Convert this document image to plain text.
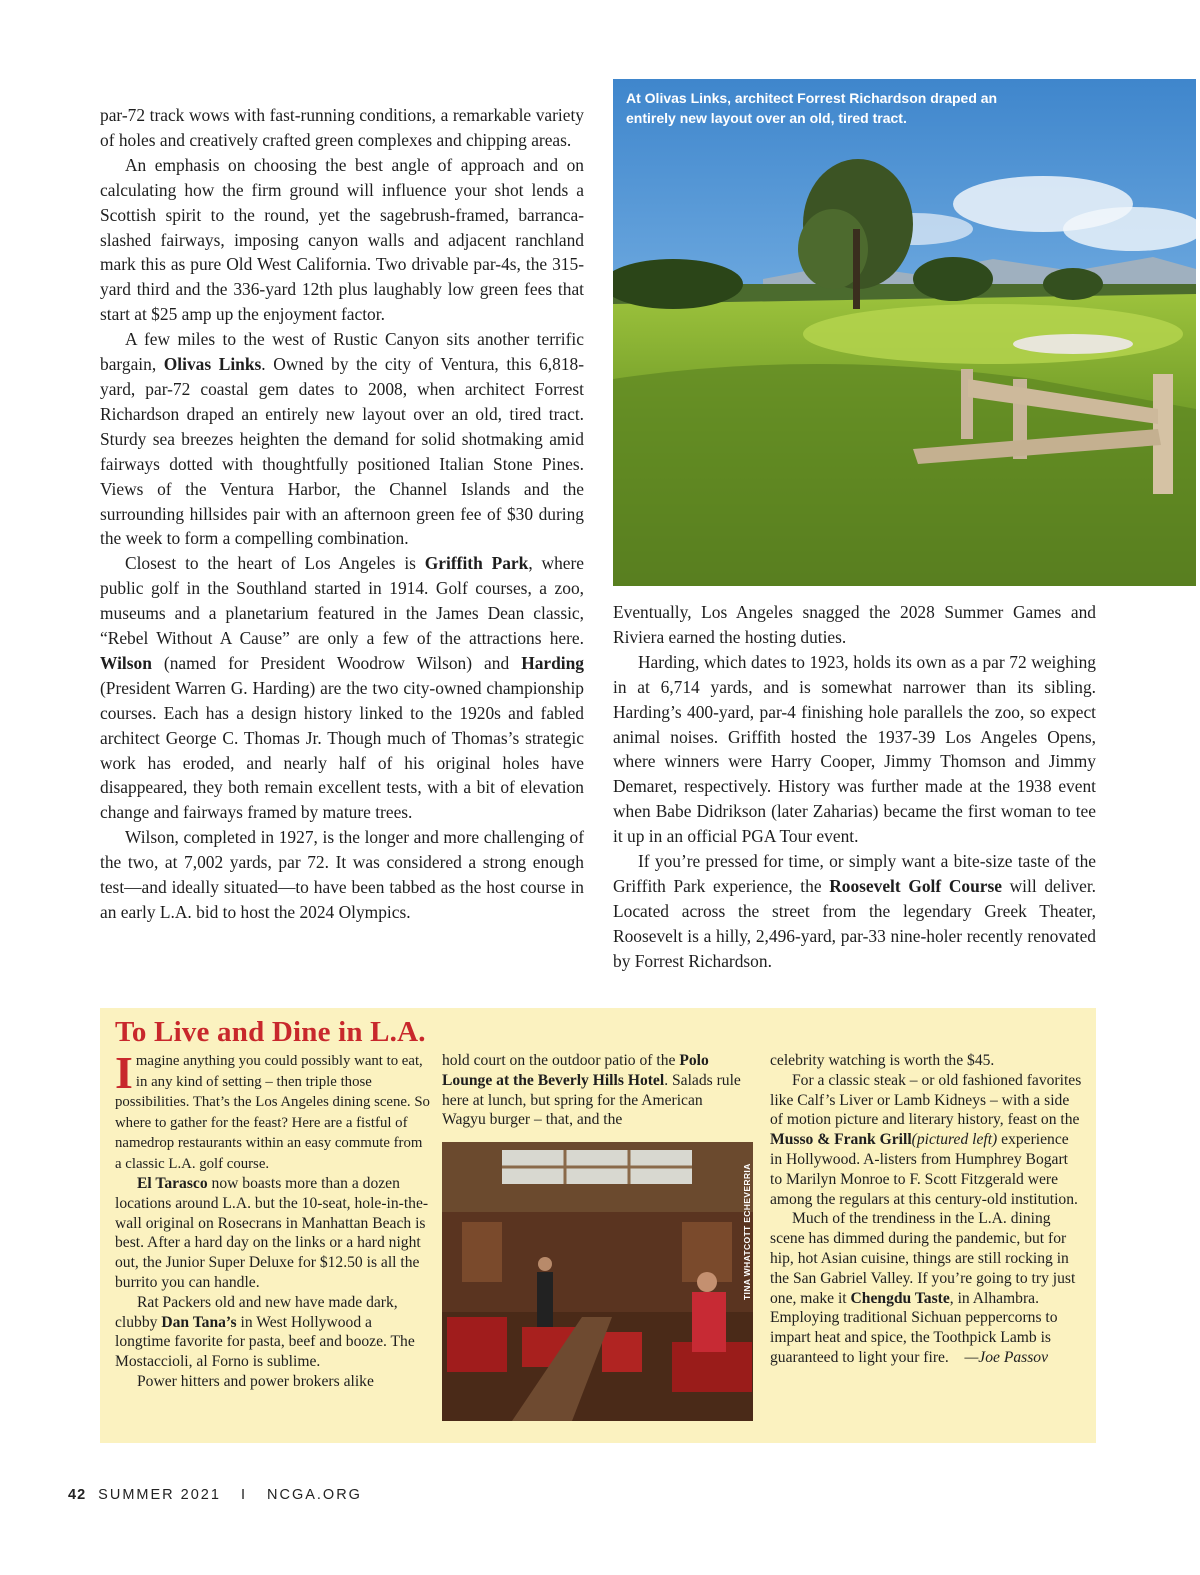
par-72 track wows with fast-running conditions, a remarkable variety of holes and creatively crafted green complexes and chipping areas.

An emphasis on choosing the best angle of approach and on calculating how the firm ground will influence your shot lends a Scottish spirit to the round, yet the sagebrush-framed, barranca-slashed fairways, imposing canyon walls and adjacent ranchland mark this as pure Old West California. Two drivable par-4s, the 315-yard third and the 336-yard 12th plus laughably low green fees that start at $25 amp up the enjoyment factor.

A few miles to the west of Rustic Canyon sits another terrific bargain, Olivas Links. Owned by the city of Ventura, this 6,818-yard, par-72 coastal gem dates to 2008, when architect Forrest Richardson draped an entirely new layout over an old, tired tract. Sturdy sea breezes heighten the demand for solid shotmaking amid fairways dotted with thoughtfully positioned Italian Stone Pines. Views of the Ventura Harbor, the Channel Islands and the surrounding hillsides pair with an afternoon green fee of $30 during the week to form a compelling combination.

Closest to the heart of Los Angeles is Griffith Park, where public golf in the Southland started in 1914. Golf courses, a zoo, museums and a planetarium featured in the James Dean classic, “Rebel Without A Cause” are only a few of the attractions here. Wilson (named for President Woodrow Wilson) and Harding (President Warren G. Harding) are the two city-owned championship courses. Each has a design history linked to the 1920s and fabled architect George C. Thomas Jr. Though much of Thomas’s strategic work has eroded, and nearly half of his original holes have disappeared, they both remain excellent tests, with a bit of elevation change and fairways framed by mature trees.

Wilson, completed in 1927, is the longer and more challenging of the two, at 7,002 yards, par 72. It was considered a strong enough test—and ideally situated—to have been tabbed as the host course in an early L.A. bid to host the 2024 Olympics.

At Olivas Links, architect Forrest Richardson draped an entirely new layout over an old, tired tract.

Eventually, Los Angeles snagged the 2028 Summer Games and Riviera earned the hosting duties.

Harding, which dates to 1923, holds its own as a par 72 weighing in at 6,714 yards, and is somewhat narrower than its sibling. Harding’s 400-yard, par-4 finishing hole parallels the zoo, so expect animal noises. Griffith hosted the 1937-39 Los Angeles Opens, where winners were Harry Cooper, Jimmy Thomson and Jimmy Demaret, respectively. History was further made at the 1938 event when Babe Didrikson (later Zaharias) became the first woman to tee it up in an official PGA Tour event.

If you’re pressed for time, or simply want a bite-size taste of the Griffith Park experience, the Roosevelt Golf Course will deliver. Located across the street from the legendary Greek Theater, Roosevelt is a hilly, 2,496-yard, par-33 nine-holer recently renovated by Forrest Richardson.

To Live and Dine in L.A.

Imagine anything you could possibly want to eat, in any kind of setting – then triple those possibilities. That’s the Los Angeles dining scene. So where to gather for the feast? Here are a fistful of namedrop restaurants within an easy commute from a classic L.A. golf course.

El Tarasco now boasts more than a dozen locations around L.A. but the 10-seat, hole-in-the-wall original on Rosecrans in Manhattan Beach is best. After a hard day on the links or a hard night out, the Junior Super Deluxe for $12.50 is all the burrito you can handle.

Rat Packers old and new have made dark, clubby Dan Tana’s in West Hollywood a longtime favorite for pasta, beef and booze. The Mostaccioli, al Forno is sublime.

Power hitters and power brokers alike

hold court on the outdoor patio of the Polo Lounge at the Beverly Hills Hotel. Salads rule here at lunch, but spring for the American Wagyu burger – that, and the

TINA WHATCOTT ECHEVERRIA

celebrity watching is worth the $45.

For a classic steak – or old fashioned favorites like Calf’s Liver or Lamb Kidneys – with a side of motion picture and literary history, feast on the Musso & Frank Grill(pictured left) experience in Hollywood. A-listers from Humphrey Bogart to Marilyn Monroe to F. Scott Fitzgerald were among the regulars at this century-old institution.

Much of the trendiness in the L.A. dining scene has dimmed during the pandemic, but for hip, hot Asian cuisine, things are still rocking in the San Gabriel Valley. If you’re going to try just one, make it Chengdu Taste, in Alhambra. Employing traditional Sichuan peppercorns to impart heat and spice, the Toothpick Lamb is guaranteed to light your fire. —Joe Passov

42 SUMMER 2021 I NCGA.ORG
